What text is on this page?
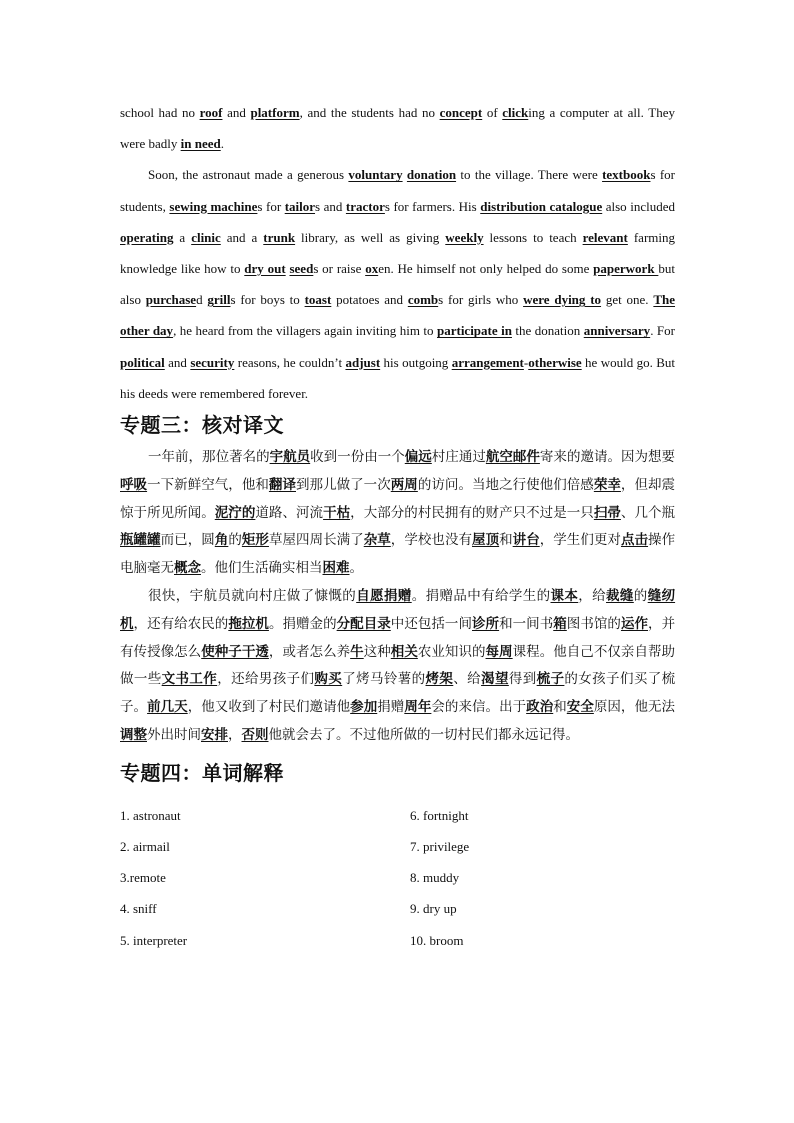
school had no roof and platform, and the students had no concept of clicking a computer at all. They were badly in need.

Soon, the astronaut made a generous voluntary donation to the village. There were textbooks for students, sewing machines for tailors and tractors for farmers. His distribution catalogue also included operating a clinic and a trunk library, as well as giving weekly lessons to teach relevant farming knowledge like how to dry out seeds or raise oxen. He himself not only helped do some paperwork but also purchased grills for boys to toast potatoes and combs for girls who were dying to get one. The other day, he heard from the villagers again inviting him to participate in the donation anniversary. For political and security reasons, he couldn’t adjust his outgoing arrangement-otherwise he would go. But his deeds were remembered forever.

专题三：核对译文

一年前，那位著名的宇航员收到一份由一个偏远村庄通过航空邮件寄来的邀请。因为想要呼吸一下新鲜空气，他和翻译到那儿做了一次两周的访问。当地之行使他们倍感荣幸，但却震惊于所见所闻。泥泞的道路、河流干枯，大部分的村民拥有的财产只不过是一只扫帚、几个瓶瓶罐罐而已，圆角的矩形草屋四周长满了杂草，学校也没有屋顶和讲台，学生们更对点击操作电脑毫无概念。他们生活确实相当困难。

很快，宇航员就向村庄做了慷慨的自愿捐赠。捐赠品中有给学生的课本，给裁缝的缝纫机，还有给农民的拖拉机。捐赠金的分配目录中还包括一间诊所和一间书箱图书馆的运作，并有传授像怎么使种子干透，或者怎么养牛这种相关农业知识的每周课程。他自己不仅亲自帮助做一些文书工作，还给男孩子们购买了烤马铃薯的烤架、给渴望得到梳子的女孩子们买了梳子。前几天，他又收到了村民们邀请他参加捐赠周年会的来信。出于政治和安全原因，他无法调整外出时间安排，否则他就会去了。不过他所做的一切村民们都永远记得。

专题四：单词解释
1. astronaut
2. airmail
3.remote
4. sniff
5. interpreter
6. fortnight
7. privilege
8. muddy
9. dry up
10. broom
